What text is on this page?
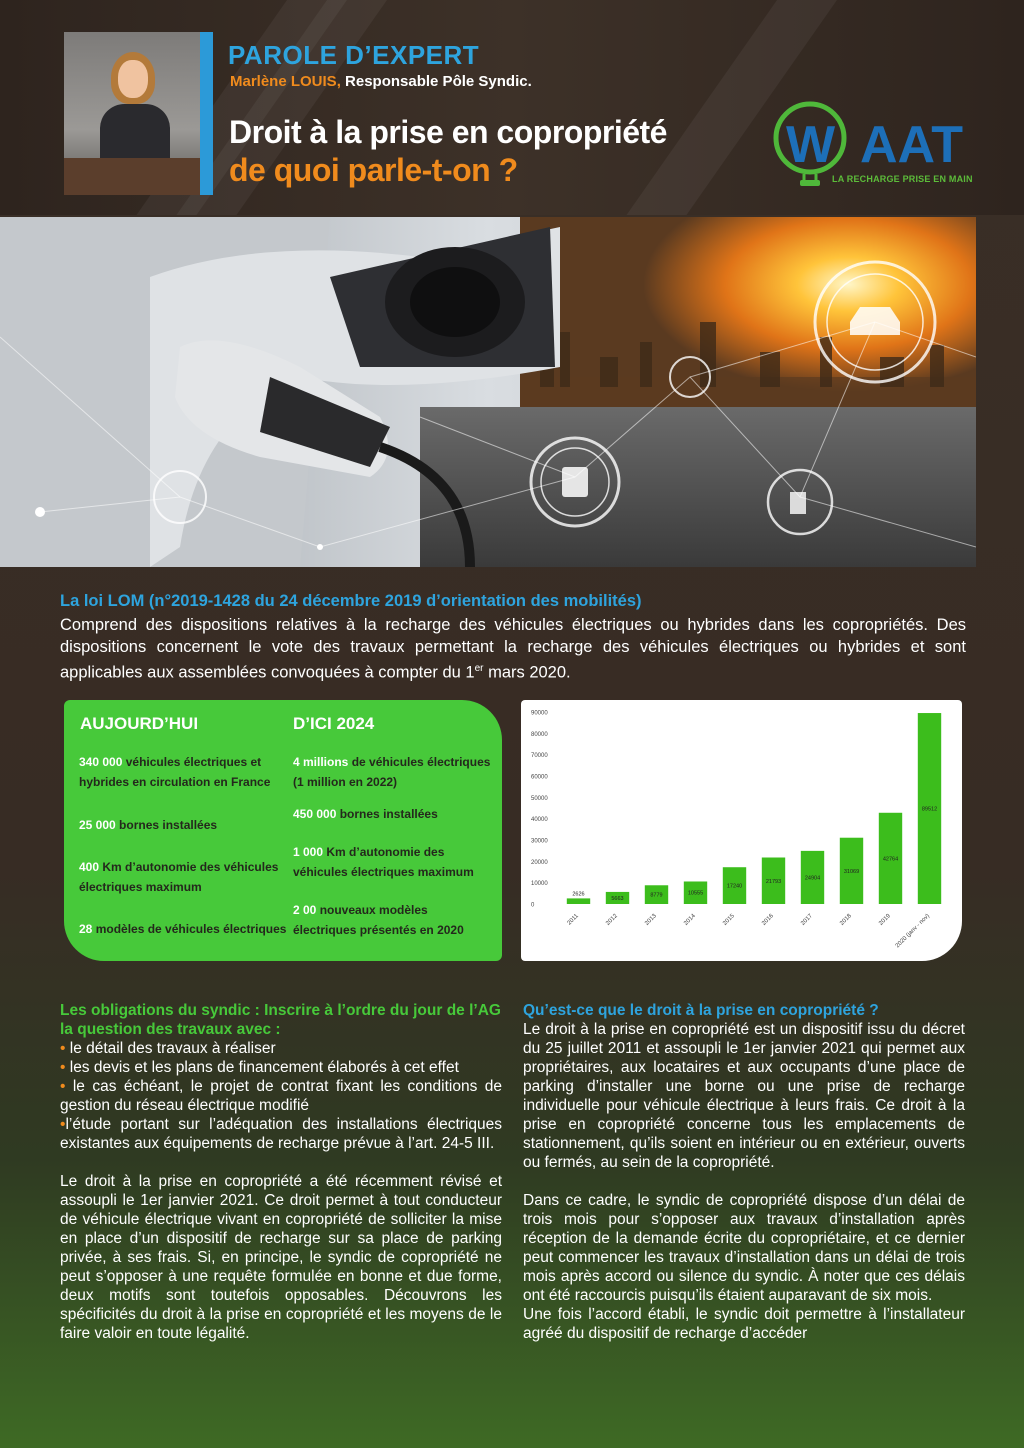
PAROLE D’EXPERT
Marlène LOUIS, Responsable Pôle Syndic.
Droit à la prise en copropriété
de quoi parle-t-on ?	W AAT
LA RECHARGE PRISE EN MAIN
La loi LOM (n°2019-1428 du 24 décembre 2019 d’orientation des mobilités)
Comprend des dispositions relatives à la recharge des véhicules électriques ou hybrides dans les copropriétés. Des dispositions concernent le vote des travaux permettant la recharge des véhicules électriques ou hybrides et sont applicables aux assemblées convoquées à compter du 1er mars 2020.
AUJOURD’HUI
340 000 véhicules électriques et hybrides en circulation en France
25 000 bornes installées
400 Km d’autonomie des véhicules électriques maximum
28 modèles de véhicules électriques
D’ICI 2024
4 millions de véhicules électriques (1 million en 2022)
450 000 bornes installées
1 000 Km d’autonomie des véhicules électriques maximum
2 00 nouveaux modèles électriques présentés en 2020
0
10000
20000
30000
40000
50000
60000
70000
80000
90000
2626
2011
5663
2012
8779
2013
10555
2014
17240
2015
21793
2016
24904
2017
31069
2018
42764
2019
89512
2020 (janv - nov)

Les obligations du syndic : Inscrire à l’ordre du jour de l’AG la question des travaux avec :

• le détail des travaux à réaliser

• les devis et les plans de financement élaborés à cet effet

• le cas échéant, le projet de contrat fixant les conditions de gestion du réseau électrique modifié

•l’étude portant sur l’adéquation des installations électriques existantes aux équipements de recharge prévue à l’art. 24-5 III.

Le droit à la prise en copropriété a été récemment révisé et assoupli le 1er janvier 2021. Ce droit permet à tout conducteur de véhicule électrique vivant en copropriété de solliciter la mise en place d’un dispositif de recharge sur sa place de parking privée, à ses frais. Si, en principe, le syndic de copropriété ne peut s’opposer à une requête formulée en bonne et due forme, deux motifs sont toutefois opposables. Découvrons les spécificités du droit à la prise en copropriété et les moyens de le faire valoir en toute légalité.

Qu’est-ce que le droit à la prise en copropriété ?

Le droit à la prise en copropriété est un dispositif issu du décret du 25 juillet 2011 et assoupli le 1er janvier 2021 qui permet aux propriétaires, aux locataires et aux occupants d’une place de parking d’installer une borne ou une prise de recharge individuelle pour véhicule électrique à leurs frais. Ce droit à la prise en copropriété concerne tous les emplacements de stationnement, qu’ils soient en intérieur ou en extérieur, ouverts ou fermés, au sein de la copropriété.

Dans ce cadre, le syndic de copropriété dispose d’un délai de trois mois pour s’opposer aux travaux d’installation après réception de la demande écrite du copropriétaire, et ce dernier peut commencer les travaux d’installation dans un délai de trois mois après accord ou silence du syndic. À noter que ces délais ont été raccourcis puisqu’ils étaient auparavant de six mois.

Une fois l’accord établi, le syndic doit permettre à l’installateur agréé du dispositif de recharge d’accéder
